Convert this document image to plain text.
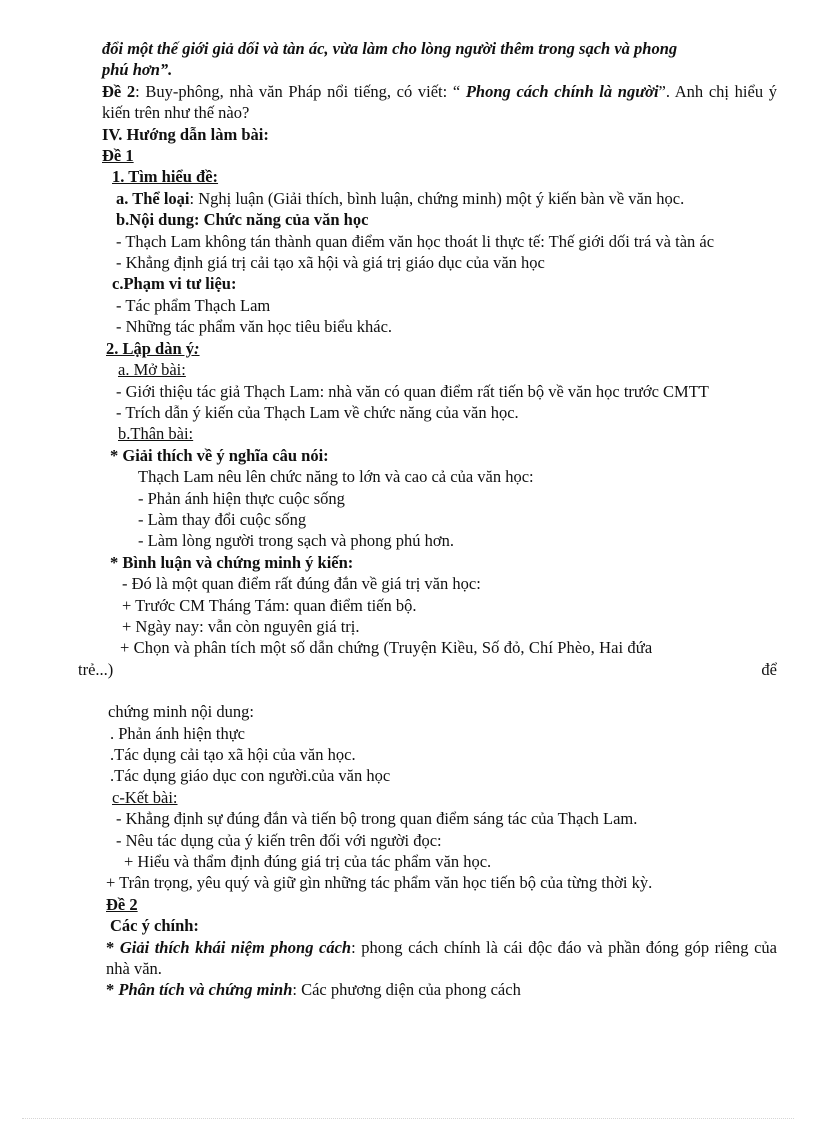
đổi một thế giới giả dối và tàn ác, vừa làm cho lòng người thêm trong sạch và phong
phú hơn”.
Đề 2: Buy-phông, nhà văn Pháp nổi tiếng, có viết: “ Phong cách chính là người”. Anh chị hiểu ý kiến trên như thế nào?
IV. Hướng dẫn làm bài:
Đề 1
1. Tìm hiểu đề:
a. Thể loại: Nghị luận (Giải thích, bình luận, chứng minh) một ý kiến bàn về văn học.
b.Nội dung: Chức năng của văn học
- Thạch Lam không tán thành quan điểm văn học thoát li thực tế: Thế giới dối trá và tàn ác
- Khẳng định giá trị cải tạo xã hội và giá trị giáo dục của văn học
c.Phạm vi tư liệu:
- Tác phẩm Thạch Lam
- Những tác phẩm văn học tiêu biểu khác.
2. Lập dàn ý:
a. Mở bài:
- Giới thiệu tác giả Thạch Lam: nhà văn có quan điểm rất tiến bộ về văn học trước CMTT
- Trích dẫn ý kiến của Thạch Lam về chức năng của văn học.
b.Thân bài:
* Giải thích về ý nghĩa câu nói:
Thạch Lam nêu lên chức năng to lớn và cao cả của văn học:
- Phản ánh hiện thực cuộc sống
- Làm thay đổi cuộc sống
- Làm lòng người trong sạch và phong phú hơn.
* Bình luận và chứng minh ý kiến:
- Đó là một quan điểm rất đúng đắn về giá trị văn học:
+ Trước CM Tháng Tám: quan điểm tiến bộ.
+ Ngày nay: vẫn còn nguyên giá trị.
+ Chọn và phân tích một số dẫn chứng (Truyện Kiều, Số đỏ, Chí Phèo, Hai đứa
trẻ...)	để
chứng minh nội dung:
. Phản ánh hiện thực
.Tác dụng cải tạo xã hội của văn học.
.Tác dụng giáo dục con người.của văn học
c-Kết bài:
- Khẳng định sự đúng đắn và tiến bộ trong quan điểm sáng tác của Thạch Lam.
- Nêu tác dụng của ý kiến trên đối với người đọc:
+ Hiểu và thẩm định đúng giá trị của tác phẩm văn học.
+ Trân trọng, yêu quý và giữ gìn những tác phẩm văn học tiến bộ của từng thời kỳ.
Đề 2
Các ý chính:
* Giải thích khái niệm phong cách: phong cách chính là cái độc đáo và phần đóng góp riêng của nhà văn.
* Phân tích và chứng minh: Các phương diện của phong cách
